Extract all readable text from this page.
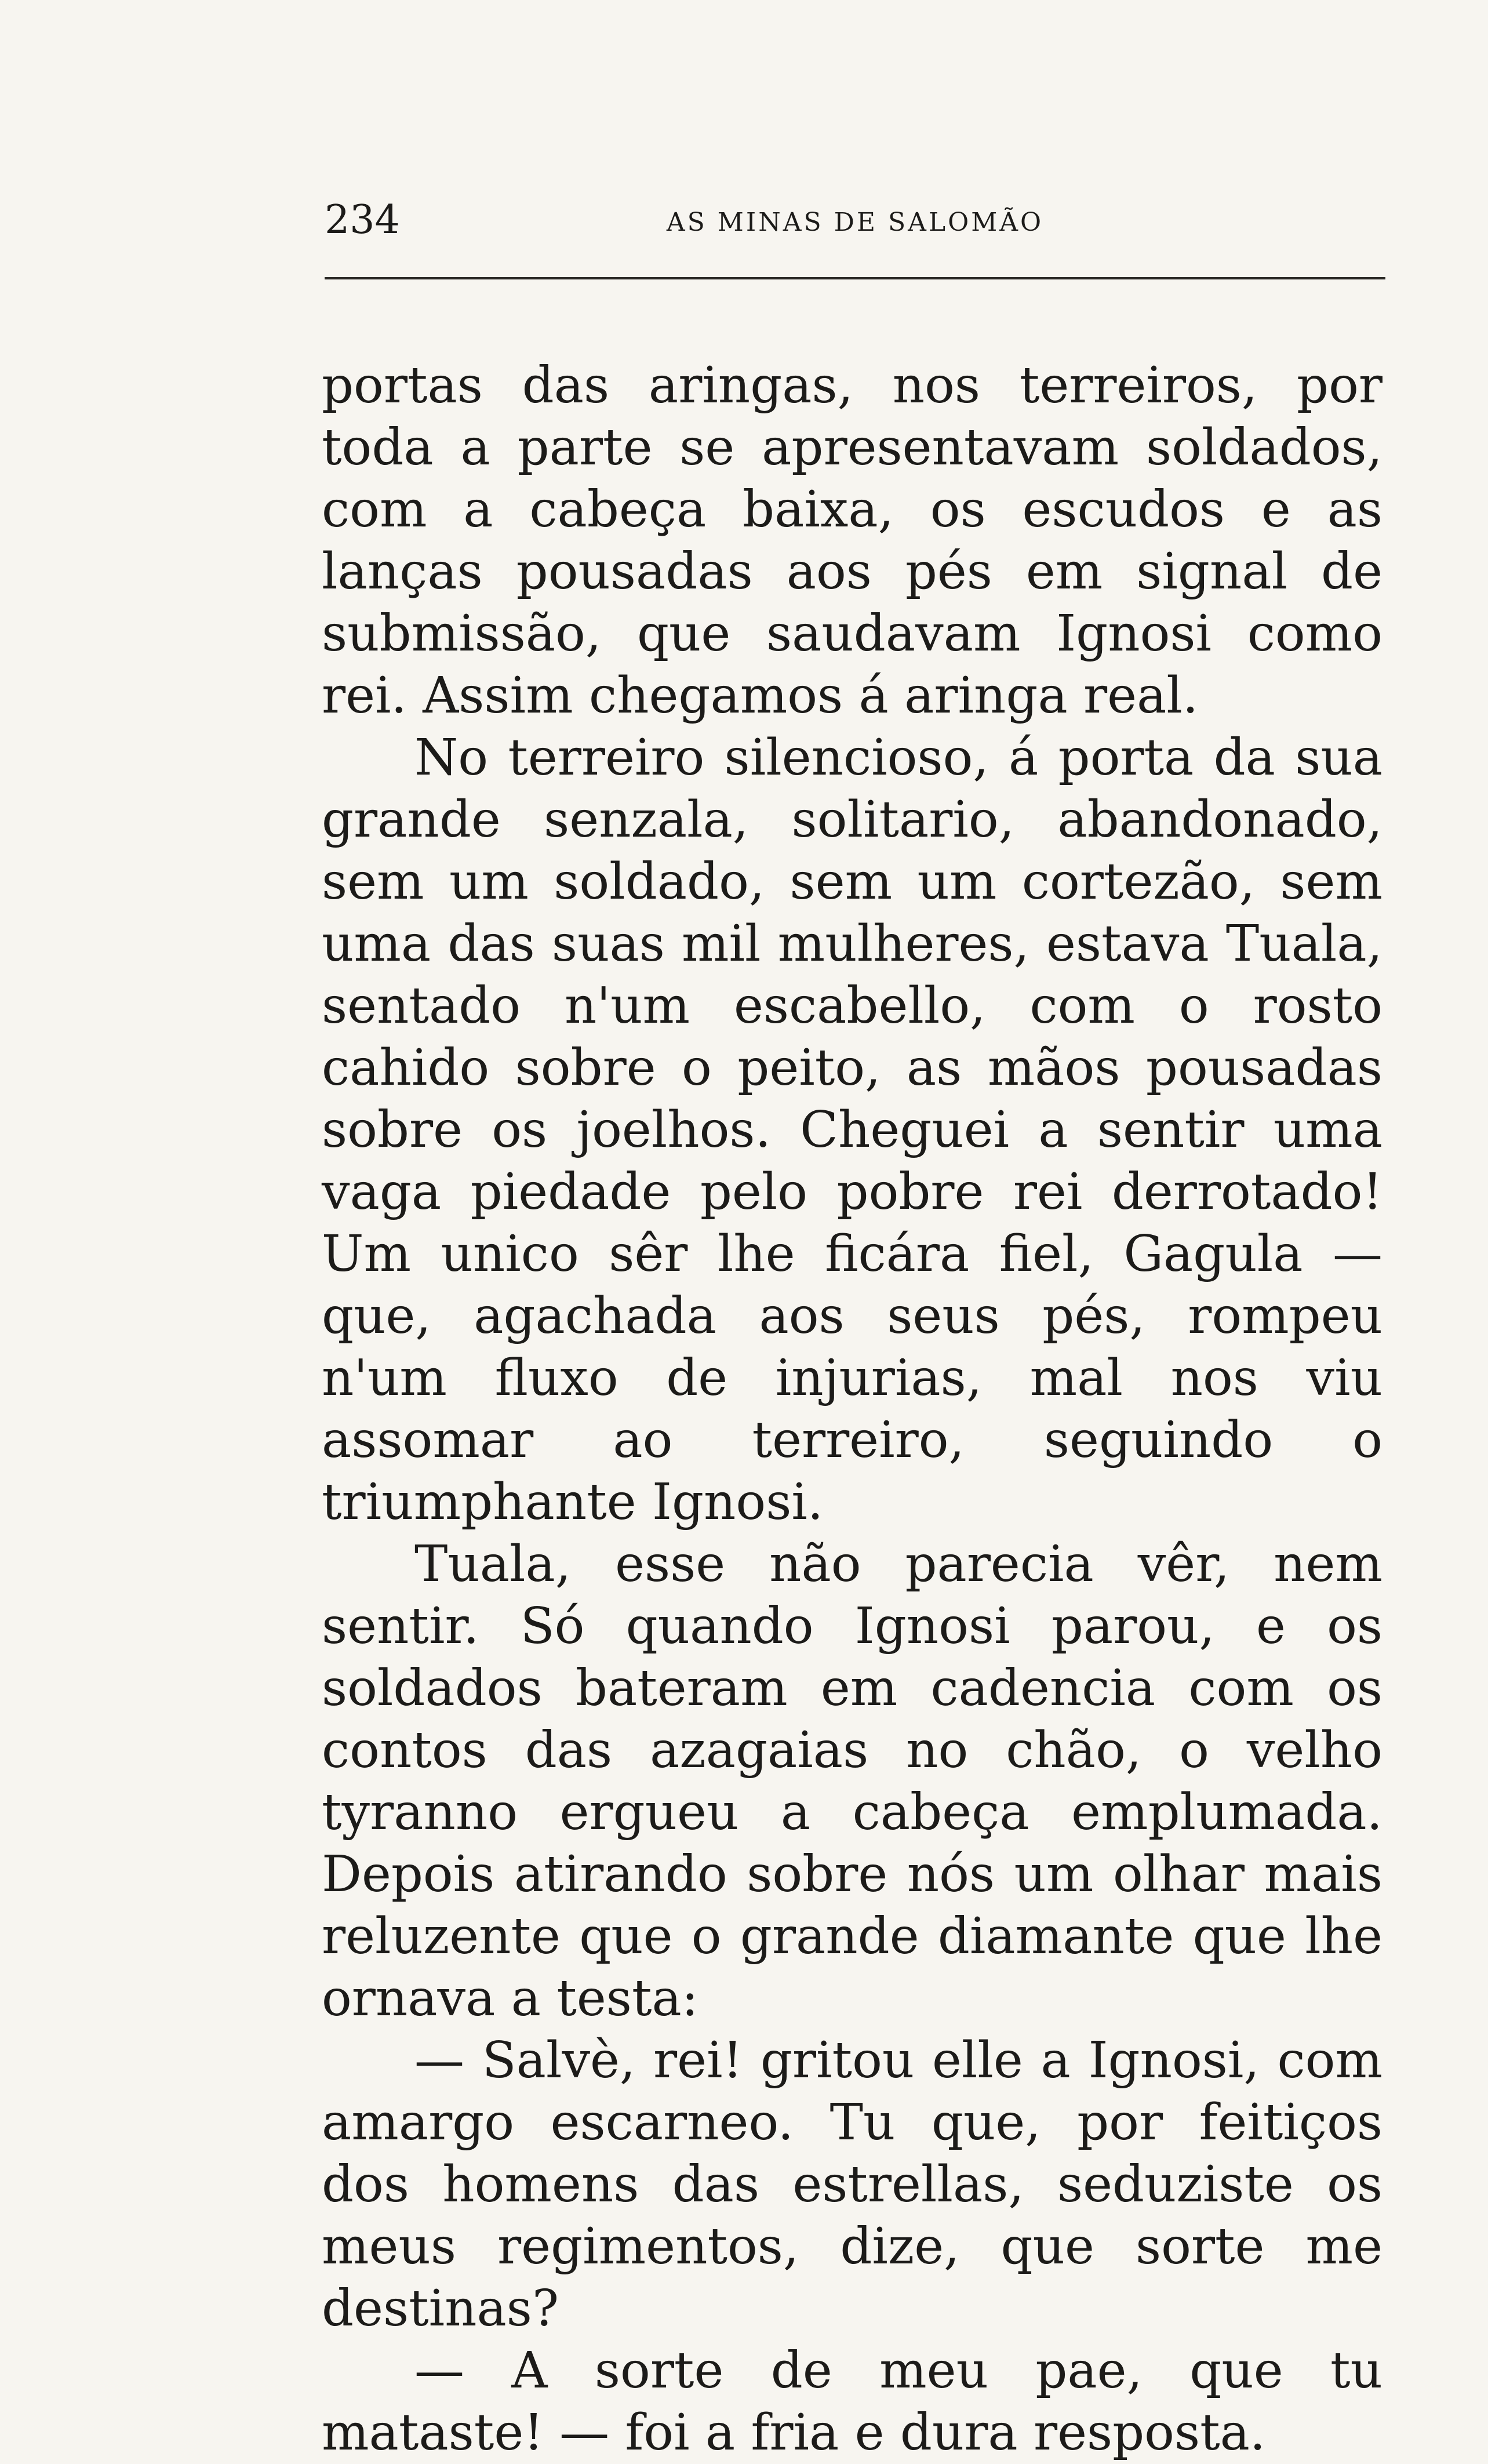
234	AS MINAS DE SALOMÃO

portas das aringas, nos terreiros, por toda a parte se apresentavam soldados, com a cabeça baixa, os escudos e as lanças pousadas aos pés em signal de submissão, que saudavam Ignosi como rei. Assim chegamos á aringa real.

No terreiro silencioso, á porta da sua grande senzala, solitario, abandonado, sem um soldado, sem um cortezão, sem uma das suas mil mulheres, estava Tuala, sentado n'um escabello, com o rosto cahido sobre o peito, as mãos pousadas sobre os joelhos. Cheguei a sentir uma vaga piedade pelo pobre rei derrotado! Um unico sêr lhe ficára fiel, Gagula — que, agachada aos seus pés, rompeu n'um fluxo de injurias, mal nos viu assomar ao terreiro, seguindo o triumphante Ignosi.

Tuala, esse não parecia vêr, nem sentir. Só quando Ignosi parou, e os soldados bateram em cadencia com os contos das azagaias no chão, o velho tyranno ergueu a cabeça emplumada. Depois atirando sobre nós um olhar mais reluzente que o grande diamante que lhe ornava a testa:

— Salvè, rei! gritou elle a Ignosi, com amargo escarneo. Tu que, por feitiços dos homens das estrellas, seduziste os meus regimentos, dize, que sorte me destinas?

— A sorte de meu pae, que tu mataste! — foi a fria e dura resposta.
